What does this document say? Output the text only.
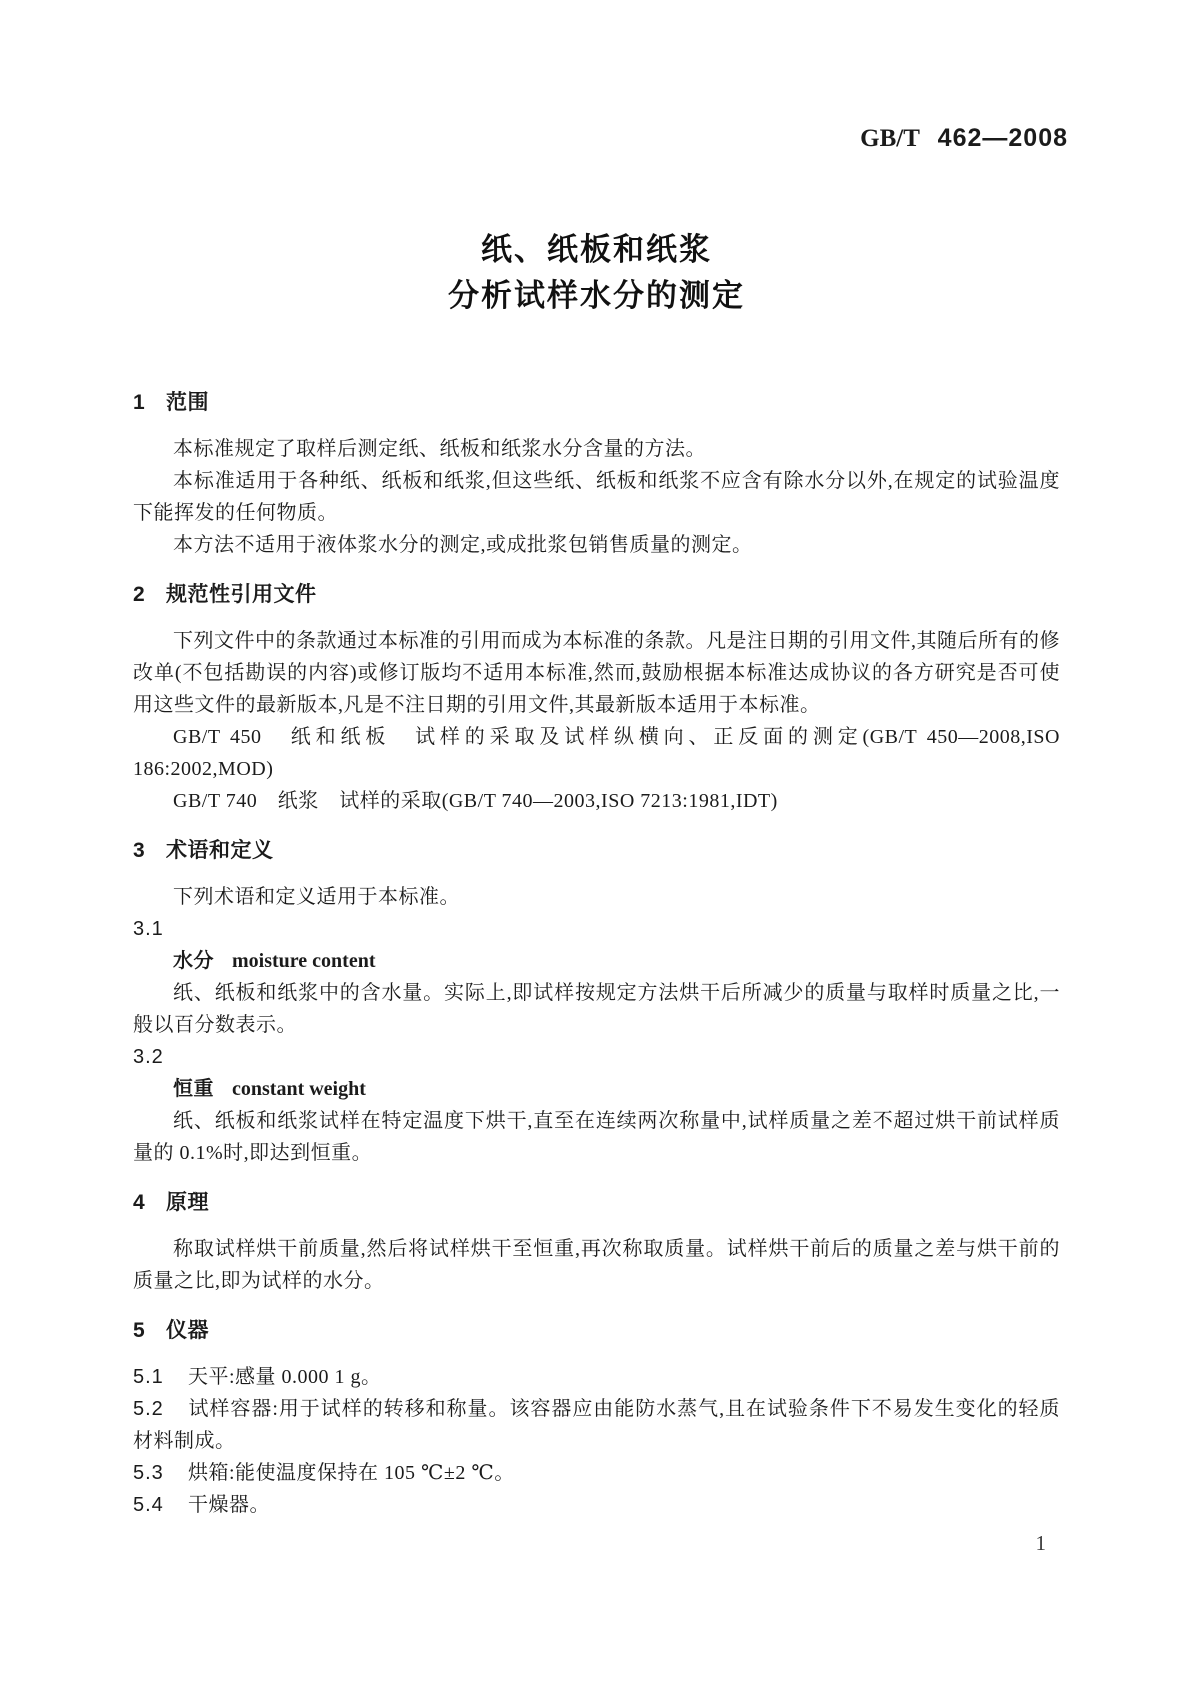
GB/T 462—2008
纸、纸板和纸浆
分析试样水分的测定
1 范围

本标准规定了取样后测定纸、纸板和纸浆水分含量的方法。

本标准适用于各种纸、纸板和纸浆,但这些纸、纸板和纸浆不应含有除水分以外,在规定的试验温度下能挥发的任何物质。

本方法不适用于液体浆水分的测定,或成批浆包销售质量的测定。

2 规范性引用文件

下列文件中的条款通过本标准的引用而成为本标准的条款。凡是注日期的引用文件,其随后所有的修改单(不包括勘误的内容)或修订版均不适用本标准,然而,鼓励根据本标准达成协议的各方研究是否可使用这些文件的最新版本,凡是不注日期的引用文件,其最新版本适用于本标准。

GB/T 450　纸和纸板　试样的采取及试样纵横向、正反面的测定(GB/T 450—2008,ISO 186:2002,MOD)

GB/T 740　纸浆　试样的采取(GB/T 740—2003,ISO 7213:1981,IDT)

3 术语和定义

下列术语和定义适用于本标准。

3.1

水分 moisture content

纸、纸板和纸浆中的含水量。实际上,即试样按规定方法烘干后所减少的质量与取样时质量之比,一般以百分数表示。

3.2

恒重 constant weight

纸、纸板和纸浆试样在特定温度下烘干,直至在连续两次称量中,试样质量之差不超过烘干前试样质量的 0.1%时,即达到恒重。

4 原理

称取试样烘干前质量,然后将试样烘干至恒重,再次称取质量。试样烘干前后的质量之差与烘干前的质量之比,即为试样的水分。

5 仪器

5.1 天平:感量 0.000 1 g。

5.2 试样容器:用于试样的转移和称量。该容器应由能防水蒸气,且在试验条件下不易发生变化的轻质材料制成。

5.3 烘箱:能使温度保持在 105 ℃±2 ℃。

5.4 干燥器。

1
